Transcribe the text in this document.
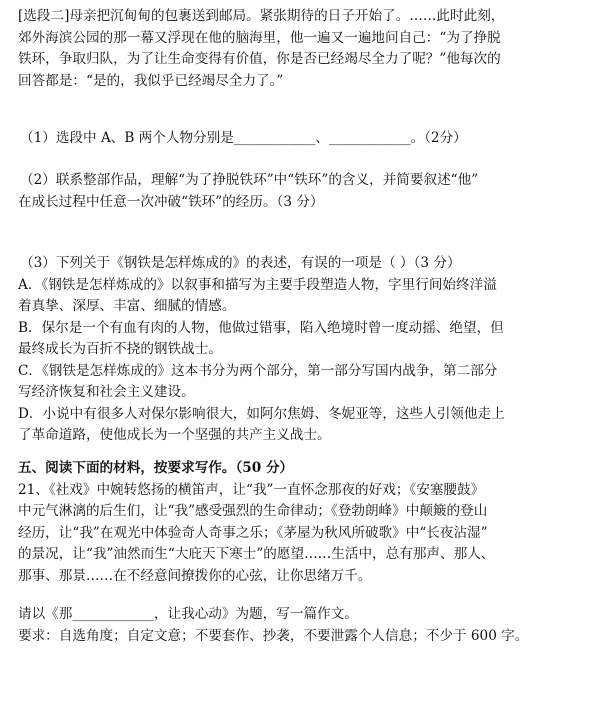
[选段二]母亲把沉甸甸的包裹送到邮局。紧张期待的日子开始了。……此时此刻，
郊外海滨公园的那一幕又浮现在他的脑海里，他一遍又一遍地问自己：“为了挣脱
铁环，争取归队，为了让生命变得有价值，你是否已经竭尽全力了呢？”他每次的
回答都是：“是的，我似乎已经竭尽全力了。”
（1）选段中 A、B 两个人物分别是____________、____________。（2分）
（2）联系整部作品，理解“为了挣脱铁环”中“铁环”的含义，并简要叙述“他”
在成长过程中任意一次冲破“铁环”的经历。（3 分）
（3）下列关于《钢铁是怎样炼成的》的表述，有误的一项是（ ）（3 分）
A．《钢铁是怎样炼成的》以叙事和描写为主要手段塑造人物，字里行间始终洋溢
着真挚、深厚、丰富、细腻的情感。
B．保尔是一个有血有肉的人物，他做过错事，陷入绝境时曾一度动摇、绝望，但
最终成长为百折不挠的钢铁战士。
C．《钢铁是怎样炼成的》这本书分为两个部分，第一部分写国内战争，第二部分
写经济恢复和社会主义建设。
D．小说中有很多人对保尔影响很大，如阿尔焦姆、冬妮亚等，这些人引领他走上
了革命道路，使他成长为一个坚强的共产主义战士。
五、阅读下面的材料，按要求写作。（50 分）
21、《社戏》中婉转悠扬的横笛声，让“我”一直怀念那夜的好戏；《安塞腰鼓》
中元气淋漓的后生们，让“我”感受强烈的生命律动；《登勃朗峰》中颠簸的登山
经历，让“我”在观光中体验奇人奇事之乐；《茅屋为秋风所破歌》中“长夜沾湿”
的景况，让“我”油然而生“大庇天下寒士”的愿望……生活中，总有那声、那人、
那事、那景……在不经意间撩拨你的心弦，让你思绪万千。
请以《那____________，让我心动》为题，写一篇作文。
要求：自选角度；自定文意；不要套作、抄袭，不要泄露个人信息；不少于 600 字。
